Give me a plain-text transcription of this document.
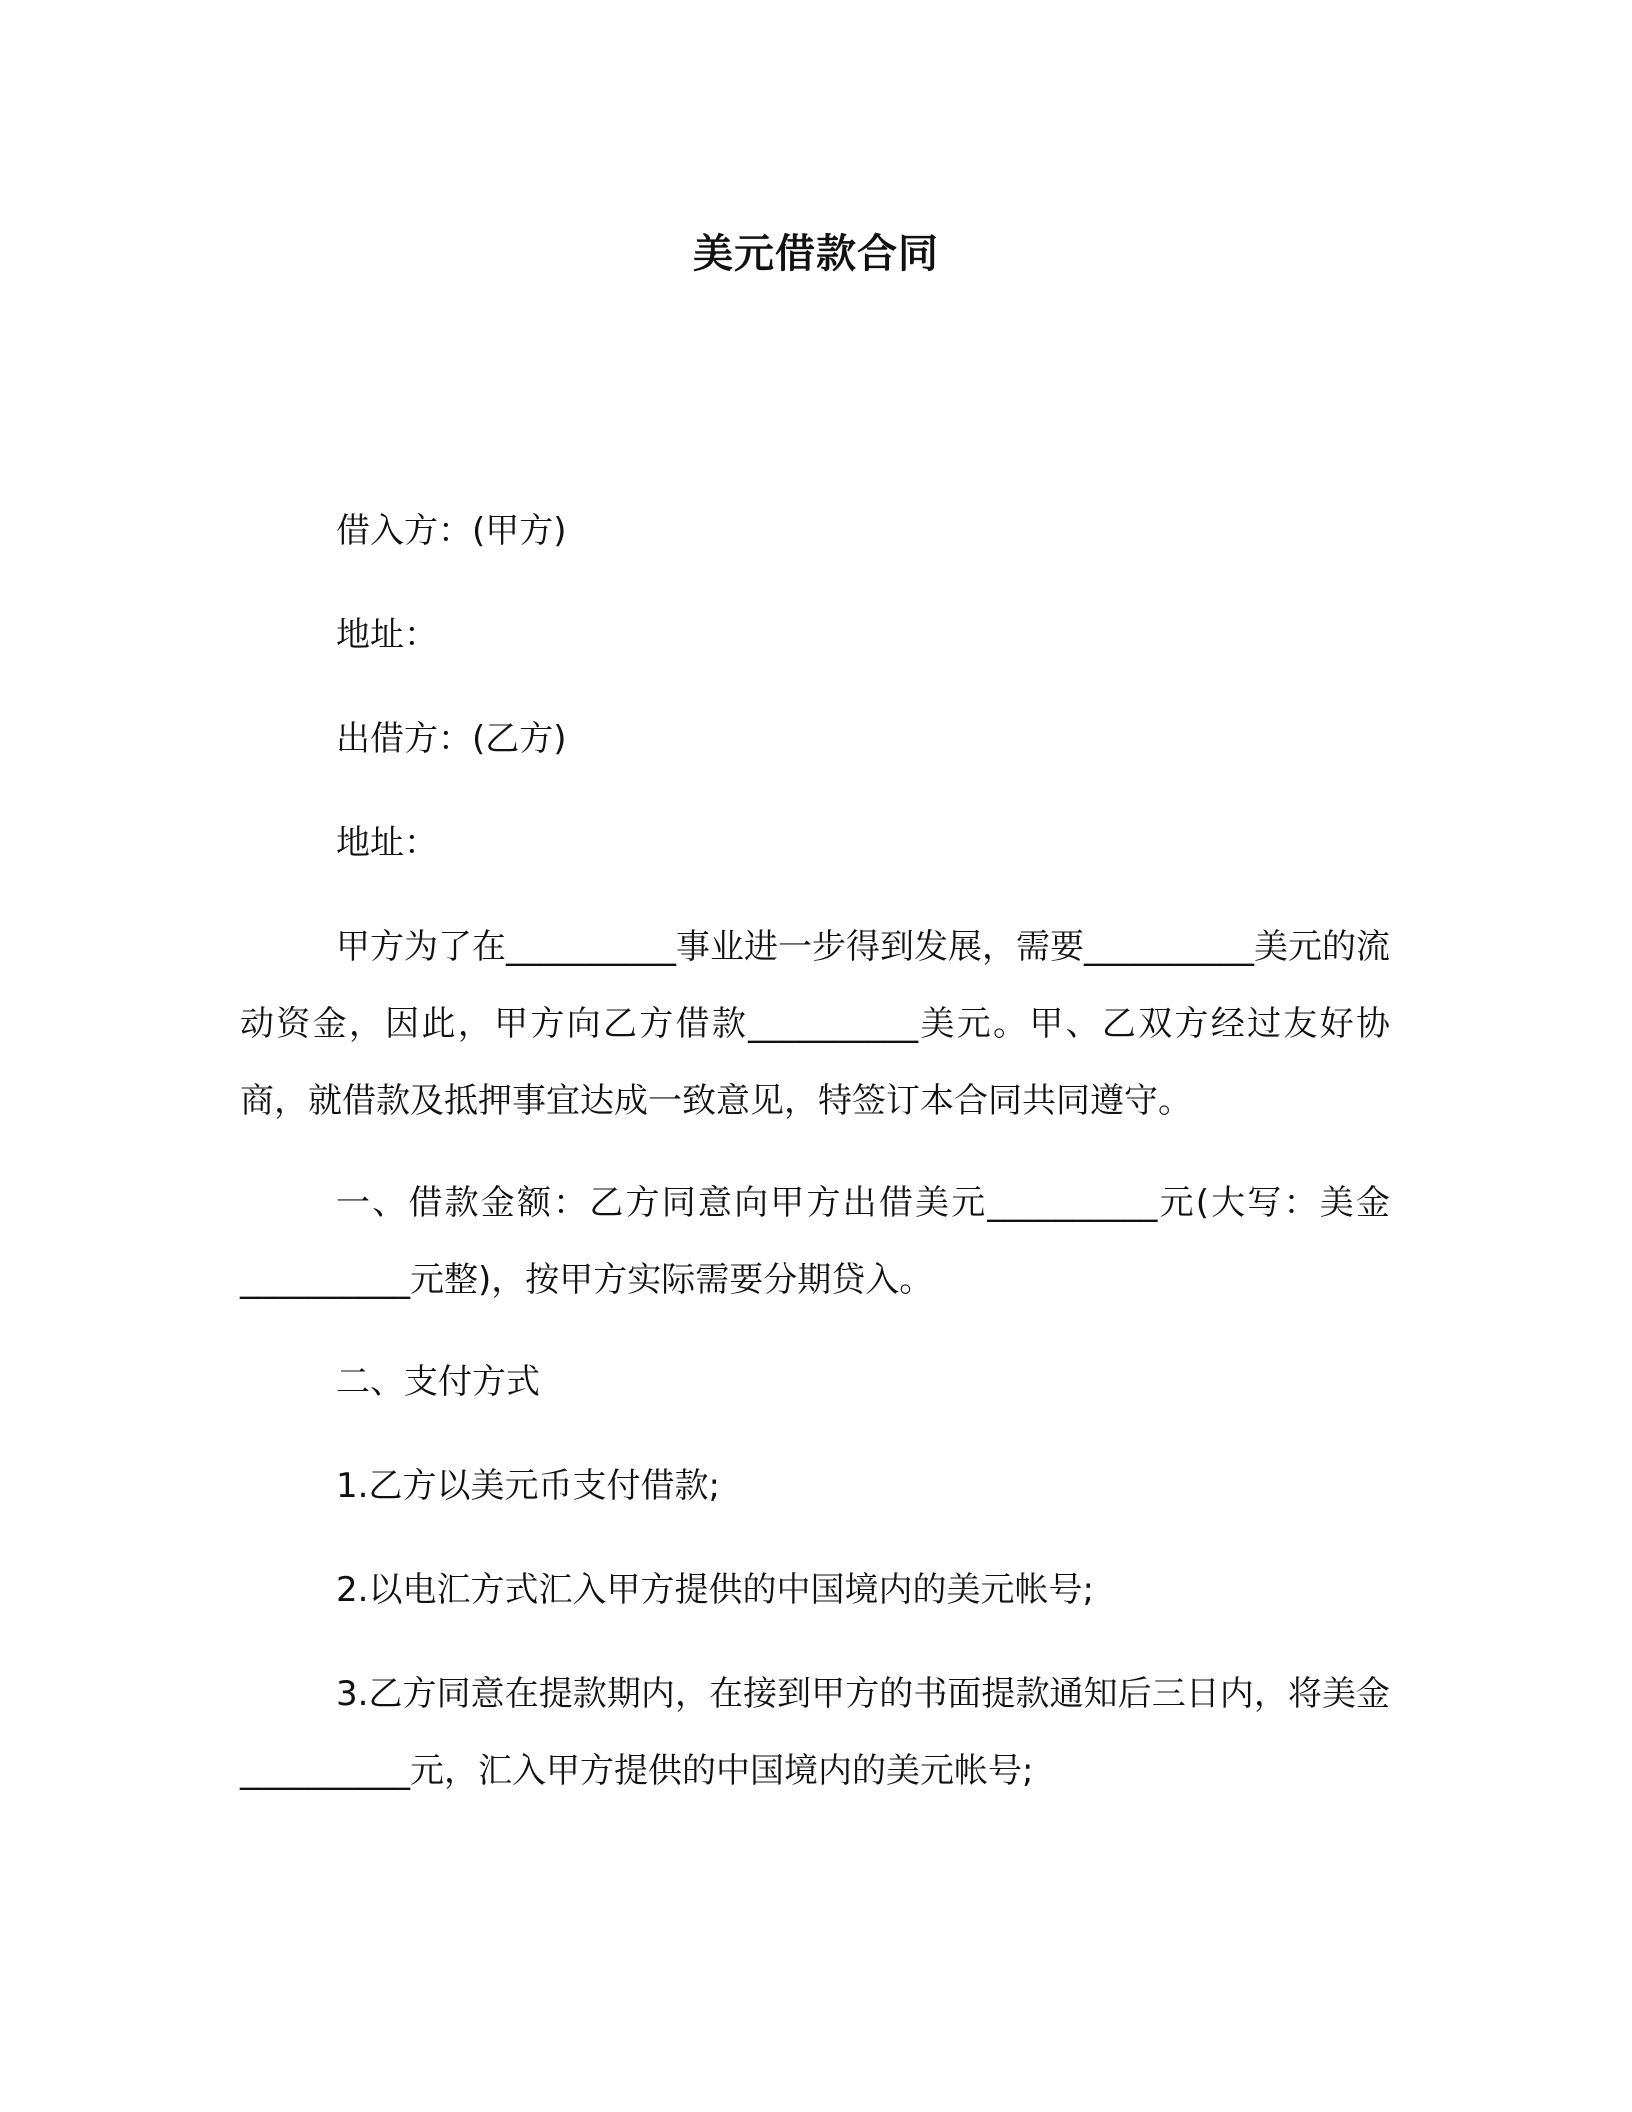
美元借款合同

借入方：(甲方)

地址：

出借方：(乙方)

地址：

甲方为了在__________事业进一步得到发展，需要__________美元的流动资金，因此，甲方向乙方借款__________美元。甲、乙双方经过友好协商，就借款及抵押事宜达成一致意见，特签订本合同共同遵守。

一、借款金额：乙方同意向甲方出借美元__________元(大写：美金__________元整)，按甲方实际需要分期贷入。

二、支付方式

1.乙方以美元币支付借款;

2.以电汇方式汇入甲方提供的中国境内的美元帐号;

3.乙方同意在提款期内，在接到甲方的书面提款通知后三日内，将美金__________元，汇入甲方提供的中国境内的美元帐号;
